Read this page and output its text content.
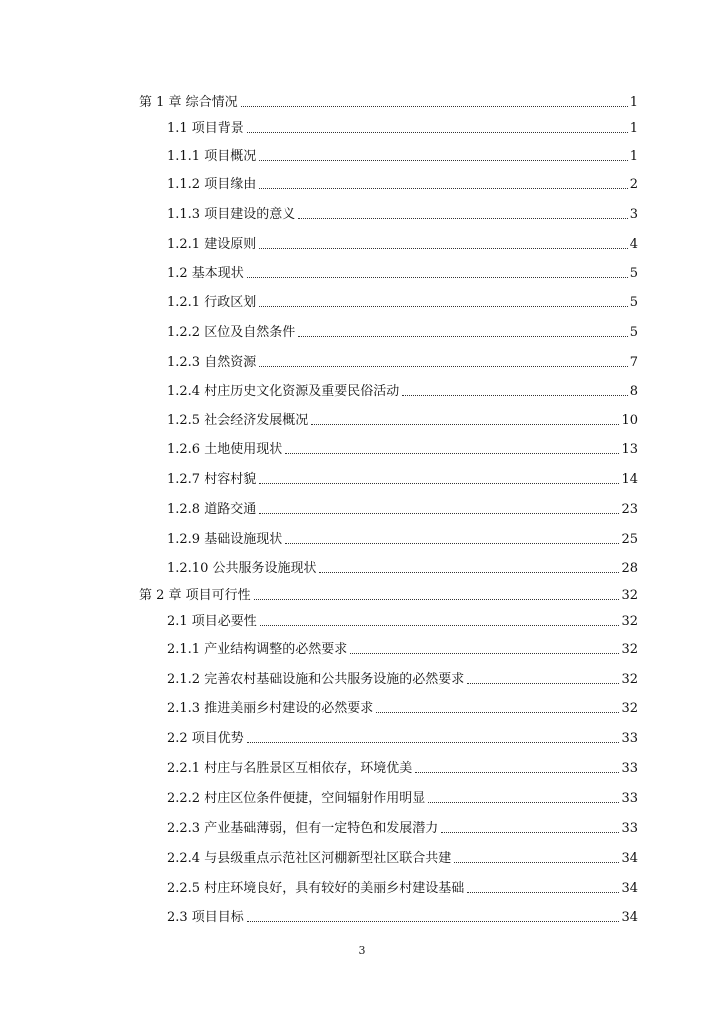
第 1 章 综合情况	1
1.1 项目背景	1
1.1.1 项目概况	1
1.1.2 项目缘由	2
1.1.3 项目建设的意义	3
1.2.1 建设原则	4
1.2 基本现状	5
1.2.1 行政区划	5
1.2.2 区位及自然条件	5
1.2.3 自然资源	7
1.2.4 村庄历史文化资源及重要民俗活动	8
1.2.5 社会经济发展概况	10
1.2.6 土地使用现状	13
1.2.7 村容村貌	14
1.2.8 道路交通	23
1.2.9 基础设施现状	25
1.2.10 公共服务设施现状	28
第 2 章 项目可行性	32
2.1 项目必要性	32
2.1.1 产业结构调整的必然要求	32
2.1.2 完善农村基础设施和公共服务设施的必然要求	32
2.1.3 推进美丽乡村建设的必然要求	32
2.2 项目优势	33
2.2.1 村庄与名胜景区互相依存，环境优美	33
2.2.2 村庄区位条件便捷，空间辐射作用明显	33
2.2.3 产业基础薄弱，但有一定特色和发展潜力	33
2.2.4 与县级重点示范社区河棚新型社区联合共建	34
2.2.5 村庄环境良好，具有较好的美丽乡村建设基础	34
2.3 项目目标	34
3
